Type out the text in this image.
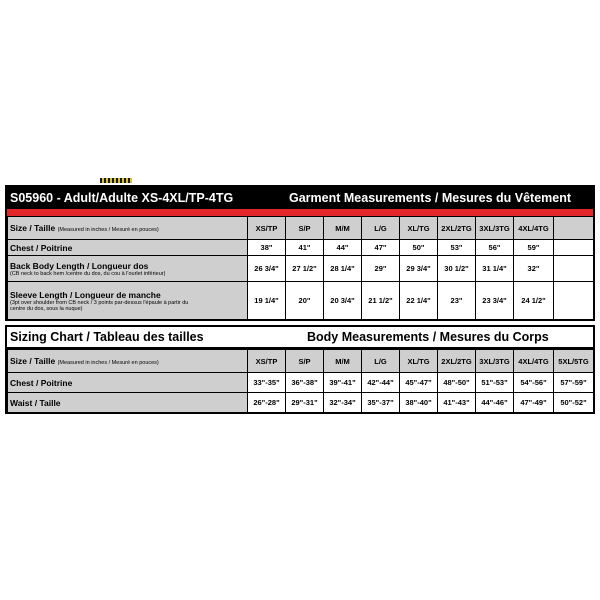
S05960 - Adult/Adulte XS-4XL/TP-4TG	Garment Measurements / Mesures du Vêtement
Size / Taille (Measured in inches / Mesuré en pouces)	XS/TP	S/P	M/M	L/G	XL/TG	2XL/2TG	3XL/3TG	4XL/4TG	
Chest / Poitrine	38"	41"	44"	47"	50"	53"	56"	59"	
Back Body Length / Longueur dos
(CB neck to back hem /centre du dos, du cou à l'ourlet inférieur)	26 3/4"	27 1/2"	28 1/4"	29"	29 3/4"	30 1/2"	31 1/4"	32"	
Sleeve Length / Longueur de manche
(3pt over shoulder from CB neck / 3 points par-dessus l'épaule à partir du
centre du dos, sous la nuque)	19 1/4"	20"	20 3/4"	21 1/2"	22 1/4"	23"	23 3/4"	24 1/2"	
Sizing Chart / Tableau des tailles	Body Measurements / Mesures du Corps
Size / Taille (Measured in inches / Mesuré en pouces)	XS/TP	S/P	M/M	L/G	XL/TG	2XL/2TG	3XL/3TG	4XL/4TG	5XL/5TG
Chest / Poitrine	33"-35"	36"-38"	39"-41"	42"-44"	45"-47"	48"-50"	51"-53"	54"-56"	57"-59"
Waist / Taille	26"-28"	29"-31"	32"-34"	35"-37"	38"-40"	41"-43"	44"-46"	47"-49"	50"-52"
